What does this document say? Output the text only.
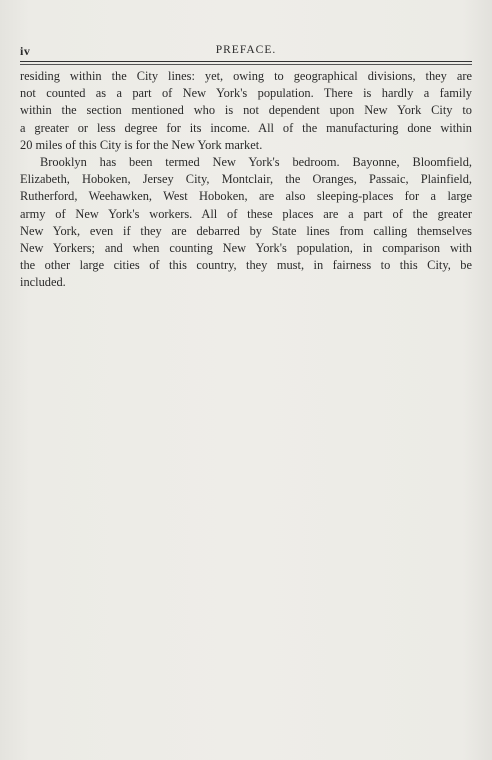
iv	PREFACE.
residing within the City lines: yet, owing to geographical divisions, they are
not counted as a part of New York's population. There is hardly a family
within the section mentioned who is not dependent upon New York City to
a greater or less degree for its income. All of the manufacturing done within
20 miles of this City is for the New York market.
Brooklyn has been termed New York's bedroom. Bayonne, Bloomfield,
Elizabeth, Hoboken, Jersey City, Montclair, the Oranges, Passaic, Plainfield,
Rutherford, Weehawken, West Hoboken, are also sleeping-places for a large
army of New York's workers. All of these places are a part of the greater
New York, even if they are debarred by State lines from calling themselves
New Yorkers; and when counting New York's population, in comparison with
the other large cities of this country, they must, in fairness to this City, be
included.
